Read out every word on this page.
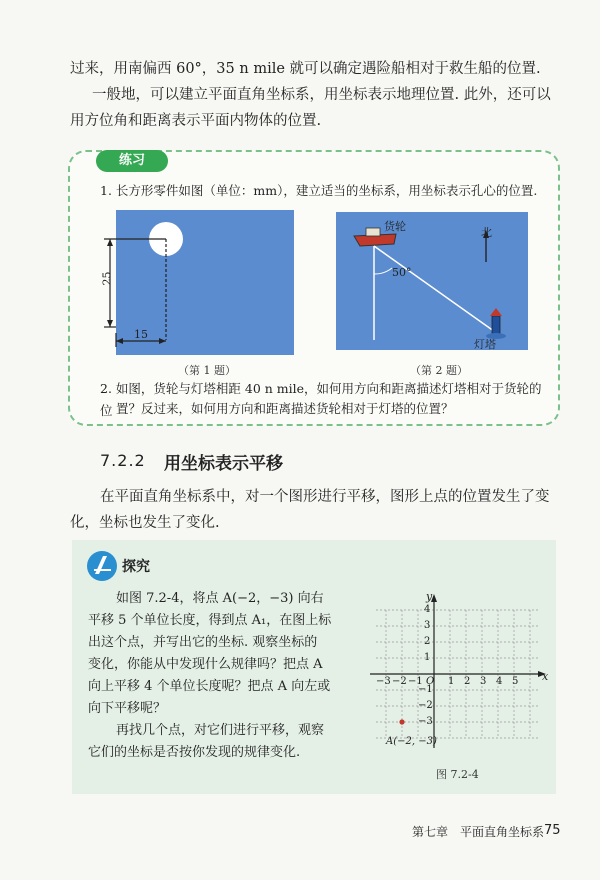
过来，用南偏西 60°，35 n mile 就可以确定遇险船相对于救生船的位置.
一般地，可以建立平面直角坐标系，用坐标表示地理位置. 此外，还可以
用方位角和距离表示平面内物体的位置.
练习
1. 长方形零件如图（单位：mm），建立适当的坐标系，用坐标表示孔心的位置.
25
15
（第 1 题）
货轮
50°
北
灯塔
（第 2 题）
2. 如图，货轮与灯塔相距 40 n mile，如何用方向和距离描述灯塔相对于货轮的位 置？反过来，如何用方向和距离描述货轮相对于灯塔的位置？
7.2.2 用坐标表示平移
在平面直角坐标系中，对一个图形进行平移，图形上点的位置发生了变
化，坐标也发生了变化.
探究
如图 7.2-4，将点 A(−2，−3) 向右
平移 5 个单位长度，得到点 A₁，在图上标
出这个点，并写出它的坐标. 观察坐标的
变化，你能从中发现什么规律吗？把点 A
向上平移 4 个单位长度呢？把点 A 向左或
向下平移呢？
再找几个点，对它们进行平移，观察
它们的坐标是否按你发现的规律变化.
x
y
O
−3 −2 −1	1 2 3 4 5
4
3
2
1
−1
−2
−3
A(−2, −3)
图 7.2-4
第七章　平面直角坐标系 75
